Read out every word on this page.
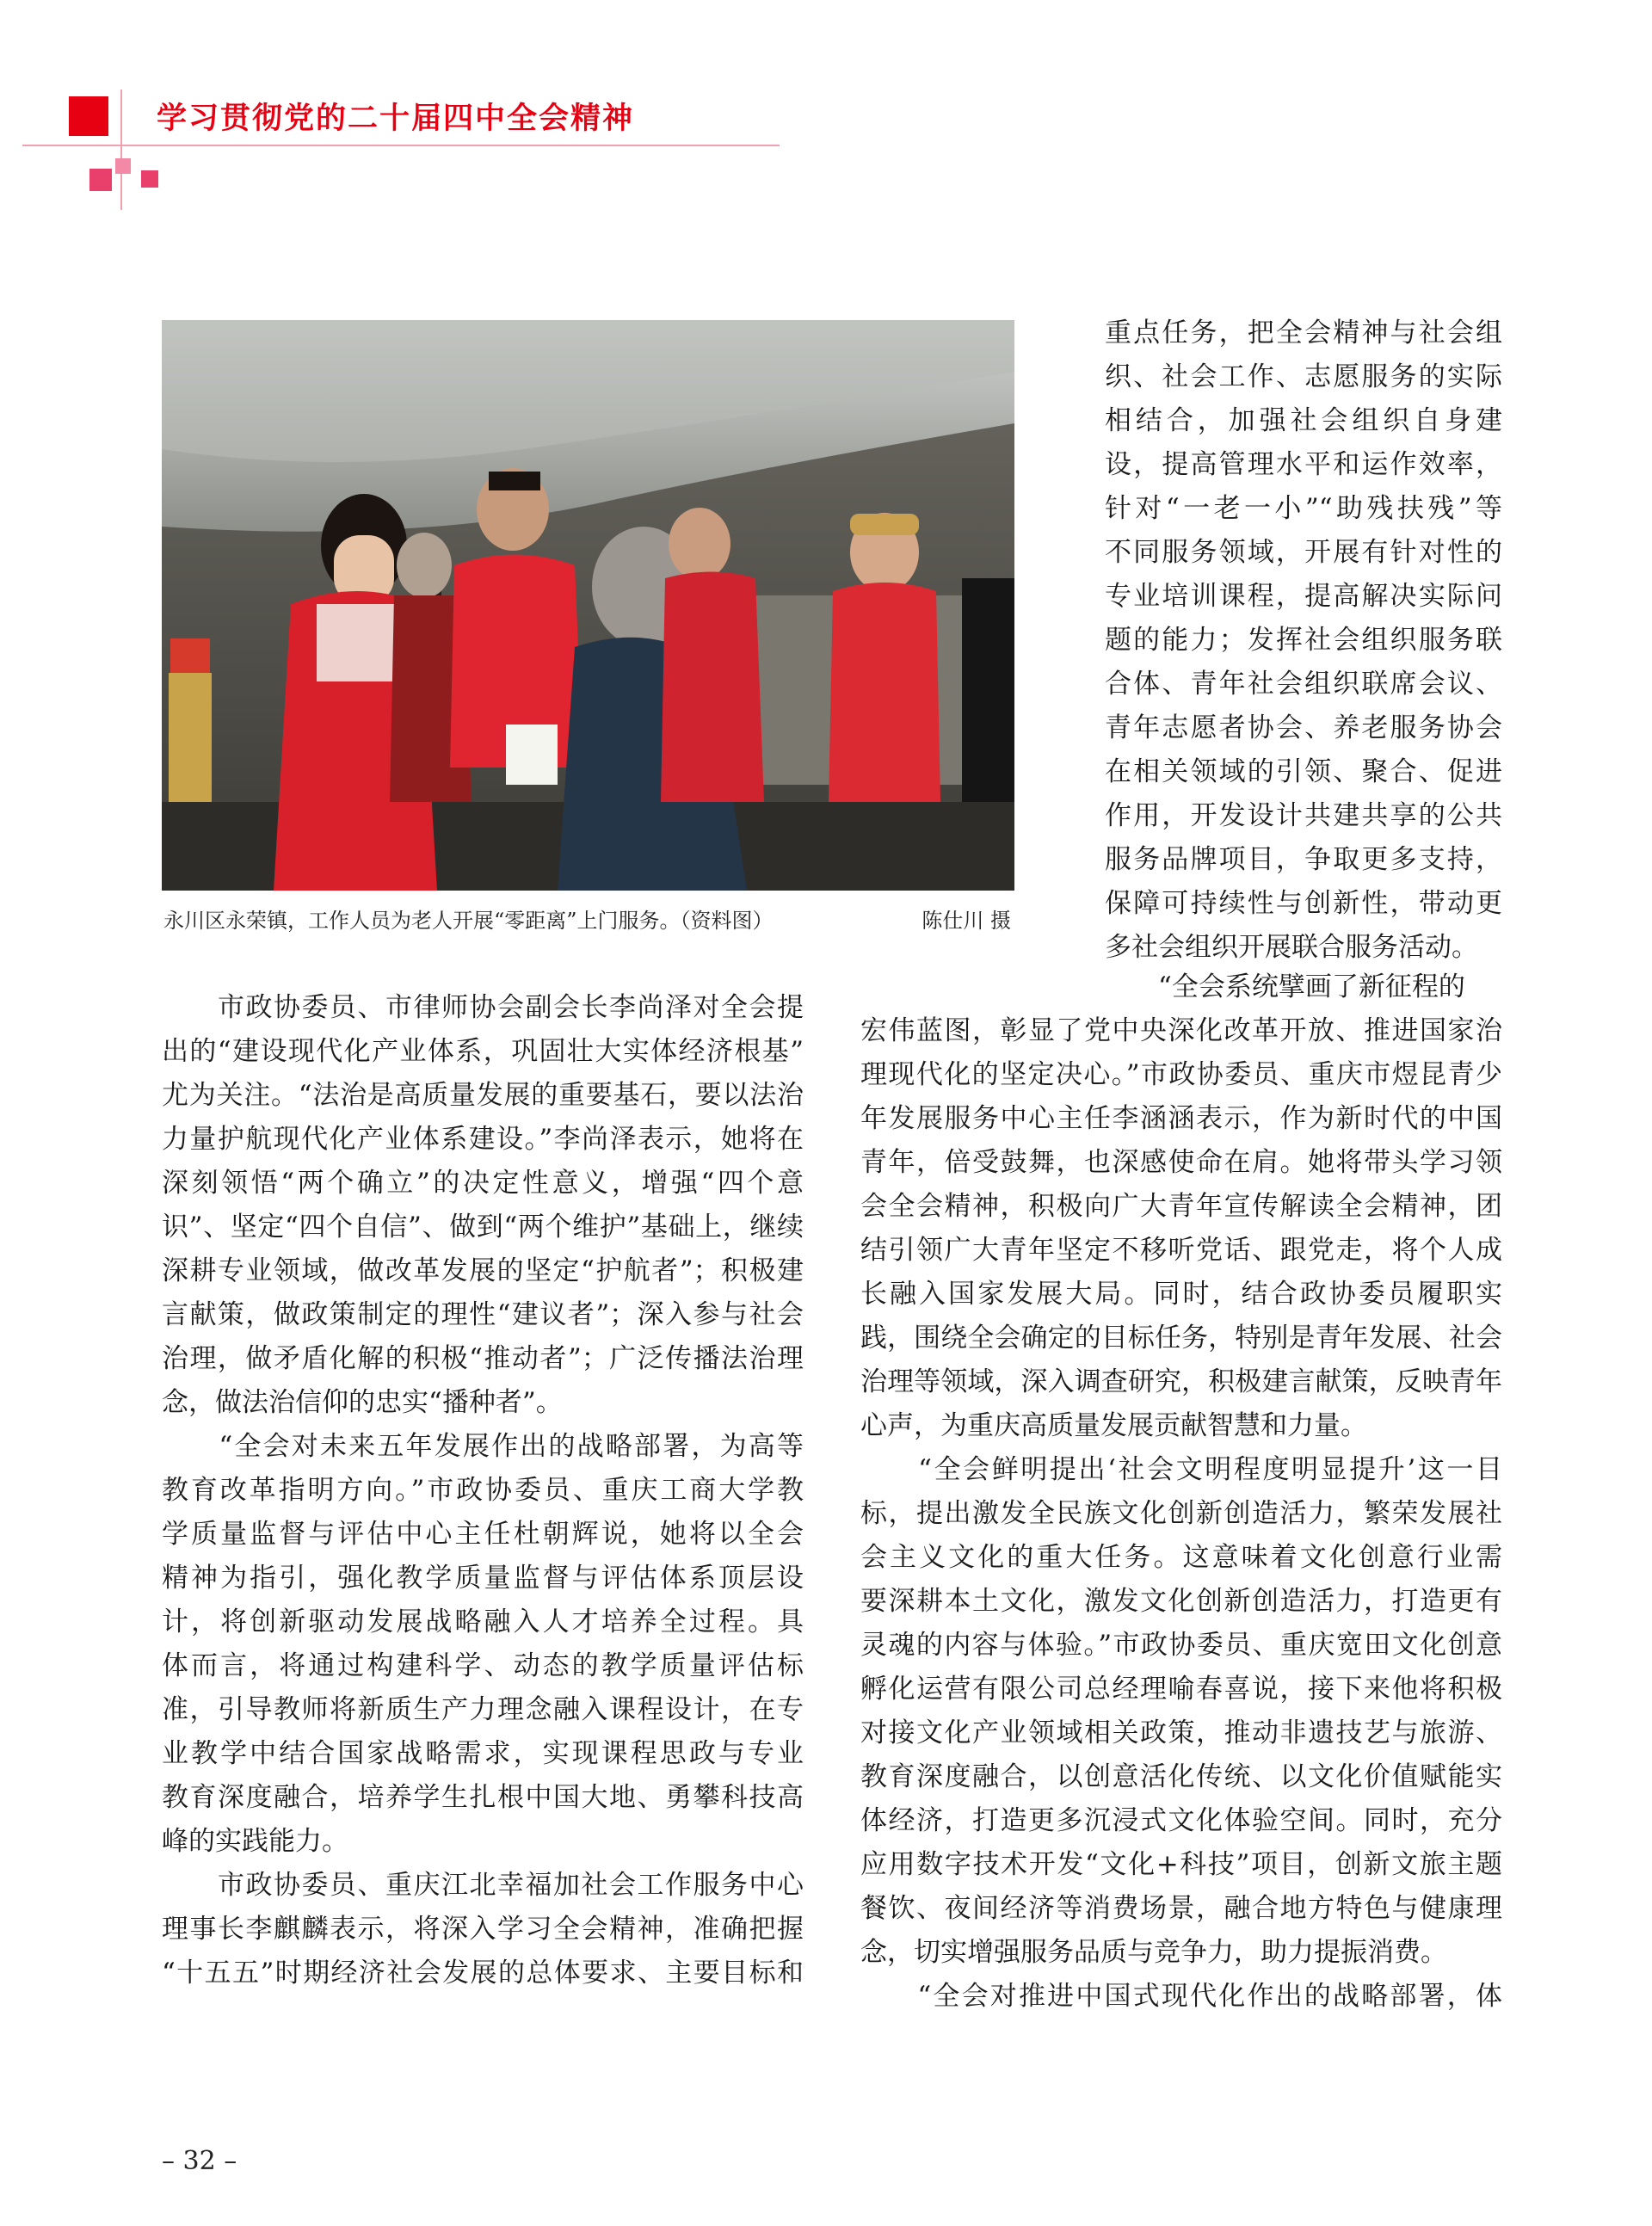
学习贯彻党的二十届四中全会精神
永川区永荣镇，工作人员为老人开展“零距离”上门服务。（资料图）	陈仕川 摄

重点任务，把全会精神与社会组

织、社会工作、志愿服务的实际

相结合，加强社会组织自身建

设，提高管理水平和运作效率，

针对“一老一小”“助残扶残”等

不同服务领域，开展有针对性的

专业培训课程，提高解决实际问

题的能力；发挥社会组织服务联

合体、青年社会组织联席会议、

青年志愿者协会、养老服务协会

在相关领域的引领、聚合、促进

作用，开发设计共建共享的公共

服务品牌项目，争取更多支持，

保障可持续性与创新性，带动更

多社会组织开展联合服务活动。

　　市政协委员、市律师协会副会长李尚泽对全会提

出的“建设现代化产业体系，巩固壮大实体经济根基”

尤为关注。“法治是高质量发展的重要基石，要以法治

力量护航现代化产业体系建设。”李尚泽表示，她将在

深刻领悟“两个确立”的决定性意义，增强“四个意

识”、坚定“四个自信”、做到“两个维护”基础上，继续

深耕专业领域，做改革发展的坚定“护航者”；积极建

言献策，做政策制定的理性“建议者”；深入参与社会

治理，做矛盾化解的积极“推动者”；广泛传播法治理

念，做法治信仰的忠实“播种者”。

　　“全会对未来五年发展作出的战略部署，为高等

教育改革指明方向。”市政协委员、重庆工商大学教

学质量监督与评估中心主任杜朝辉说，她将以全会

精神为指引，强化教学质量监督与评估体系顶层设

计，将创新驱动发展战略融入人才培养全过程。具

体而言，将通过构建科学、动态的教学质量评估标

准，引导教师将新质生产力理念融入课程设计，在专

业教学中结合国家战略需求，实现课程思政与专业

教育深度融合，培养学生扎根中国大地、勇攀科技高

峰的实践能力。

　　市政协委员、重庆江北幸福加社会工作服务中心

理事长李麒麟表示，将深入学习全会精神，准确把握

“十五五”时期经济社会发展的总体要求、主要目标和

　　“全会系统擘画了新征程的

宏伟蓝图，彰显了党中央深化改革开放、推进国家治

理现代化的坚定决心。”市政协委员、重庆市煜昆青少

年发展服务中心主任李涵涵表示，作为新时代的中国

青年，倍受鼓舞，也深感使命在肩。她将带头学习领

会全会精神，积极向广大青年宣传解读全会精神，团

结引领广大青年坚定不移听党话、跟党走，将个人成

长融入国家发展大局。同时，结合政协委员履职实

践，围绕全会确定的目标任务，特别是青年发展、社会

治理等领域，深入调查研究，积极建言献策，反映青年

心声，为重庆高质量发展贡献智慧和力量。

　　“全会鲜明提出‘社会文明程度明显提升’这一目

标，提出激发全民族文化创新创造活力，繁荣发展社

会主义文化的重大任务。这意味着文化创意行业需

要深耕本土文化，激发文化创新创造活力，打造更有

灵魂的内容与体验。”市政协委员、重庆宽田文化创意

孵化运营有限公司总经理喻春喜说，接下来他将积极

对接文化产业领域相关政策，推动非遗技艺与旅游、

教育深度融合，以创意活化传统、以文化价值赋能实

体经济，打造更多沉浸式文化体验空间。同时，充分

应用数字技术开发“文化+科技”项目，创新文旅主题

餐饮、夜间经济等消费场景，融合地方特色与健康理

念，切实增强服务品质与竞争力，助力提振消费。

　　“全会对推进中国式现代化作出的战略部署，体

– 32 –
